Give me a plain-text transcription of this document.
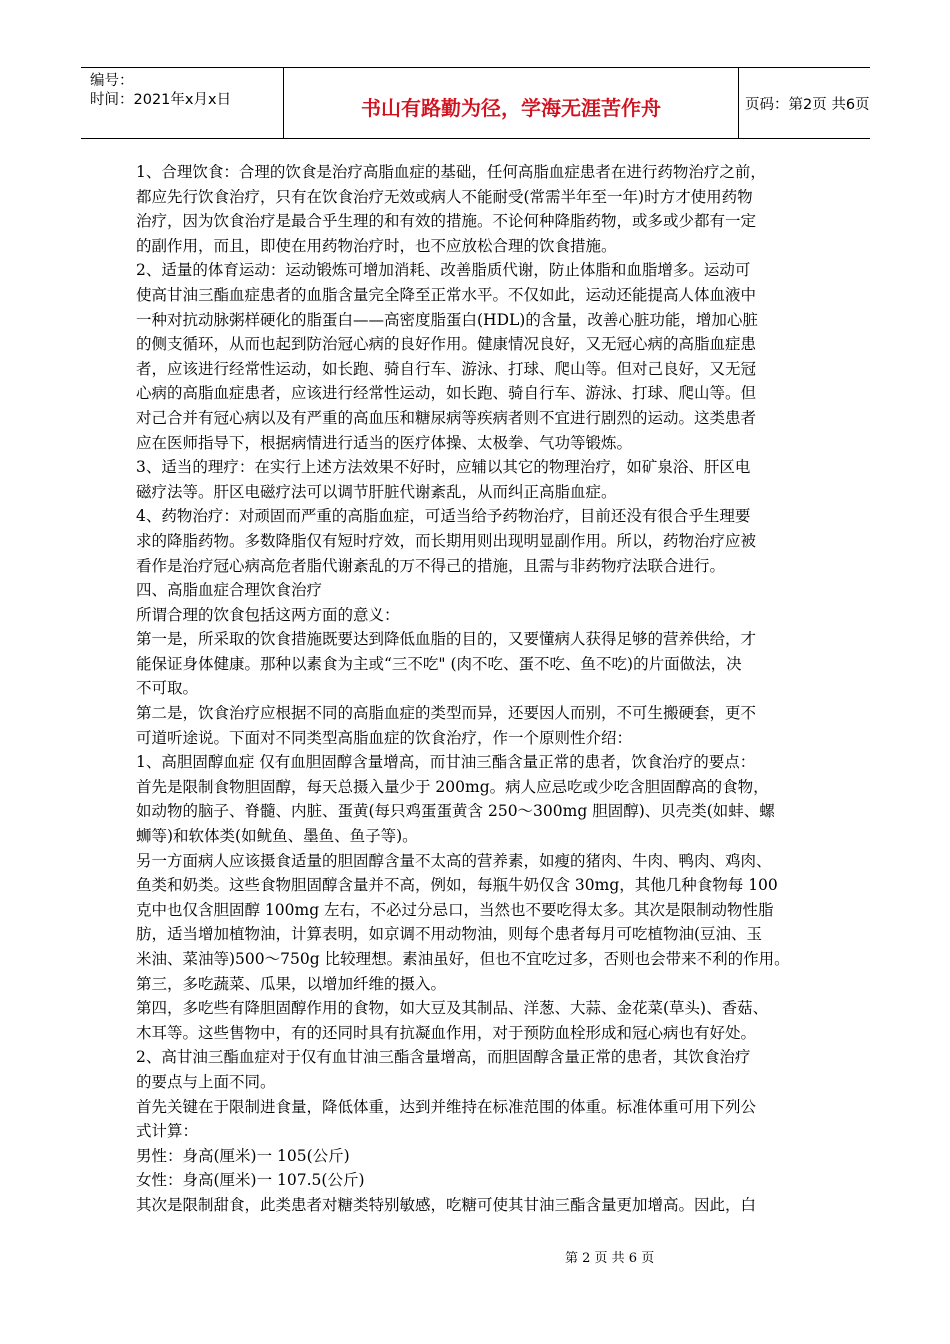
编号：
时间：2021年x月x日	书山有路勤为径，学海无涯苦作舟	页码：第2页 共6页

1、合理饮食：合理的饮食是治疗高脂血症的基础，任何高脂血症患者在进行药物治疗之前，

都应先行饮食治疗，只有在饮食治疗无效或病人不能耐受(常需半年至一年)时方才使用药物

治疗，因为饮食治疗是最合乎生理的和有效的措施。不论何种降脂药物，或多或少都有一定

的副作用，而且，即使在用药物治疗时，也不应放松合理的饮食措施。

2、适量的体育运动：运动锻炼可增加消耗、改善脂质代谢，防止体脂和血脂增多。运动可

使高甘油三酯血症患者的血脂含量完全降至正常水平。不仅如此，运动还能提高人体血液中

一种对抗动脉粥样硬化的脂蛋白——高密度脂蛋白(HDL)的含量，改善心脏功能，增加心脏

的侧支循环，从而也起到防治冠心病的良好作用。健康情况良好，又无冠心病的高脂血症患

者，应该进行经常性运动，如长跑、骑自行车、游泳、打球、爬山等。但对己良好，又无冠

心病的高脂血症患者，应该进行经常性运动，如长跑、骑自行车、游泳、打球、爬山等。但

对己合并有冠心病以及有严重的高血压和糖尿病等疾病者则不宜进行剧烈的运动。这类患者

应在医师指导下，根据病情进行适当的医疗体操、太极拳、气功等锻炼。

3、适当的理疗：在实行上述方法效果不好时，应辅以其它的物理治疗，如矿泉浴、肝区电

磁疗法等。肝区电磁疗法可以调节肝脏代谢紊乱，从而纠正高脂血症。

4、药物治疗：对顽固而严重的高脂血症，可适当给予药物治疗，目前还没有很合乎生理要

求的降脂药物。多数降脂仅有短时疗效，而长期用则出现明显副作用。所以，药物治疗应被

看作是治疗冠心病高危者脂代谢紊乱的万不得己的措施，且需与非药物疗法联合进行。

四、高脂血症合理饮食治疗

所谓合理的饮食包括这两方面的意义：

第一是，所采取的饮食措施既要达到降低血脂的目的，又要懂病人获得足够的营养供给，才

能保证身体健康。那种以素食为主或“三不吃" (肉不吃、蛋不吃、鱼不吃)的片面做法，决

不可取。

第二是，饮食治疗应根据不同的高脂血症的类型而异，还要因人而别，不可生搬硬套，更不

可道听途说。下面对不同类型高脂血症的饮食治疗，作一个原则性介绍：

1、高胆固醇血症 仅有血胆固醇含量增高，而甘油三酯含量正常的患者，饮食治疗的要点：

首先是限制食物胆固醇，每天总摄入量少于 200mg。病人应忌吃或少吃含胆固醇高的食物，

如动物的脑子、脊髓、内脏、蛋黄(每只鸡蛋蛋黄含 250～300mg 胆固醇)、贝壳类(如蚌、螺

蛳等)和软体类(如鱿鱼、墨鱼、鱼子等)。

另一方面病人应该摄食适量的胆固醇含量不太高的营养素，如瘦的猪肉、牛肉、鸭肉、鸡肉、

鱼类和奶类。这些食物胆固醇含量并不高，例如，每瓶牛奶仅含 30mg，其他几种食物每 100

克中也仅含胆固醇 100mg 左右，不必过分忌口，当然也不要吃得太多。其次是限制动物性脂

肪，适当增加植物油，计算表明，如京调不用动物油，则每个患者每月可吃植物油(豆油、玉

米油、菜油等)500～750g 比较理想。素油虽好，但也不宜吃过多，否则也会带来不利的作用。

第三，多吃蔬菜、瓜果，以增加纤维的摄入。

第四，多吃些有降胆固醇作用的食物，如大豆及其制品、洋葱、大蒜、金花菜(草头)、香菇、

木耳等。这些售物中，有的还同时具有抗凝血作用，对于预防血栓形成和冠心病也有好处。

2、高甘油三酯血症对于仅有血甘油三酯含量增高，而胆固醇含量正常的患者，其饮食治疗

的要点与上面不同。

首先关键在于限制进食量，降低体重，达到并维持在标准范围的体重。标准体重可用下列公

式计算：

男性：身高(厘米)一 105(公斤)

女性：身高(厘米)一 107.5(公斤)

其次是限制甜食，此类患者对糖类特别敏感，吃糖可使其甘油三酯含量更加增高。因此，白

第 2 页 共 6 页
